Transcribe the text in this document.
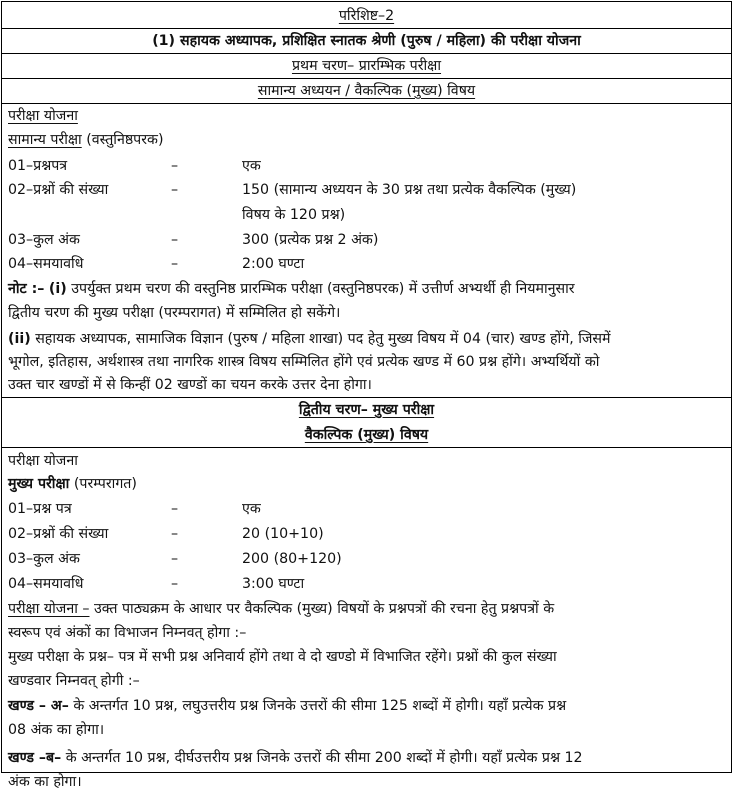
परिशिष्ट–2
(1) सहायक अध्यापक, प्रशिक्षित स्नातक श्रेणी (पुरुष / महिला) की परीक्षा योजना
प्रथम चरण– प्रारम्भिक परीक्षा
सामान्य अध्ययन / वैकल्पिक (मुख्य) विषय
परीक्षा योजना
सामान्य परीक्षा (वस्तुनिष्ठपरक)
01–प्रश्नपत्र	–	एक
02–प्रश्नों की संख्या	–	150 (सामान्य अध्ययन के 30 प्रश्न तथा प्रत्येक वैकल्पिक (मुख्य)
विषय के 120 प्रश्न)
03–कुल अंक	–	300 (प्रत्येक प्रश्न 2 अंक)
04–समयावधि	–	2:00 घण्टा
नोट :– (i) उपर्युक्त प्रथम चरण की वस्तुनिष्ठ प्रारम्भिक परीक्षा (वस्तुनिष्ठपरक) में उत्तीर्ण अभ्यर्थी ही नियमानुसार
द्वितीय चरण की मुख्य परीक्षा (परम्परागत) में सम्मिलित हो सकेंगे।
(ii) सहायक अध्यापक, सामाजिक विज्ञान (पुरुष / महिला शाखा) पद हेतु मुख्य विषय में 04 (चार) खण्ड होंगे, जिसमें
भूगोल, इतिहास, अर्थशास्त्र तथा नागरिक शास्त्र विषय सम्मिलित होंगे एवं प्रत्येक खण्ड में 60 प्रश्न होंगे। अभ्यर्थियों को
उक्त चार खण्डों में से किन्हीं 02 खण्डों का चयन करके उत्तर देना होगा।
द्वितीय चरण– मुख्य परीक्षा
वैकल्पिक (मुख्य) विषय
परीक्षा योजना
मुख्य परीक्षा (परम्परागत)
01–प्रश्न पत्र	–	एक
02–प्रश्नों की संख्या	–	20 (10+10)
03–कुल अंक	–	200 (80+120)
04–समयावधि	–	3:00 घण्टा
परीक्षा योजना – उक्त पाठ्यक्रम के आधार पर वैकल्पिक (मुख्य) विषयों के प्रश्नपत्रों की रचना हेतु प्रश्नपत्रों के
स्वरूप एवं अंकों का विभाजन निम्नवत् होगा :–
मुख्य परीक्षा के प्रश्न– पत्र में सभी प्रश्न अनिवार्य होंगे तथा वे दो खण्डो में विभाजित रहेंगे। प्रश्नों की कुल संख्या
खण्डवार निम्नवत् होगी :–
खण्ड – अ– के अन्तर्गत 10 प्रश्न, लघुउत्तरीय प्रश्न जिनके उत्तरों की सीमा 125 शब्दों में होगी। यहाँ प्रत्येक प्रश्न
08 अंक का होगा।
खण्ड –ब– के अन्तर्गत 10 प्रश्न, दीर्घउत्तरीय प्रश्न जिनके उत्तरों की सीमा 200 शब्दों में होगी। यहाँ प्रत्येक प्रश्न 12
अंक का होगा।
